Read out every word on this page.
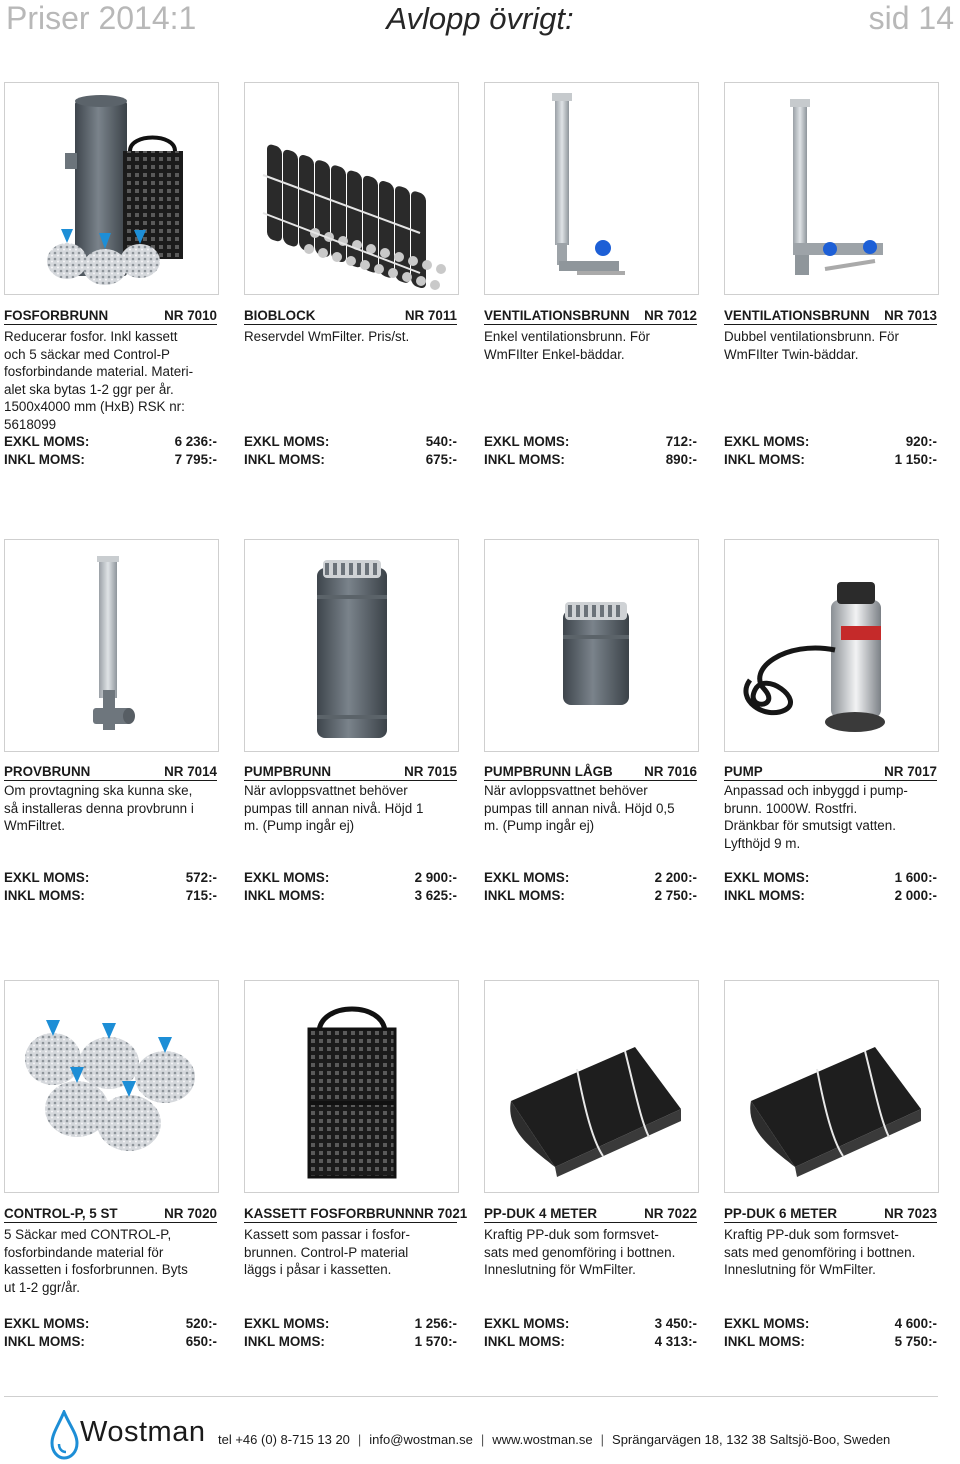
Priser 2014:1	Avlopp övrigt:	sid 14
FOSFORBRUNN	NR 7010
Reducerar fosfor. Inkl kassett
och 5 säckar med Control-P
fosforbindande material. Materi-
alet ska bytas 1-2 ggr per år.
1500x4000 mm (HxB) RSK nr:
5618099
EXKL MOMS:	6 236:-
INKL MOMS:	7 795:-
BIOBLOCK	NR 7011
Reservdel WmFilter. Pris/st.
EXKL MOMS:	540:-
INKL MOMS:	675:-
VENTILATIONSBRUNN NR 7012
Enkel ventilationsbrunn. För
WmFIlter Enkel-bäddar.
EXKL MOMS:	712:-
INKL MOMS:	890:-
VENTILATIONSBRUNN NR 7013
Dubbel ventilationsbrunn. För
WmFIlter Twin-bäddar.
EXKL MOMS:	920:-
INKL MOMS:	1 150:-
PROVBRUNN	NR 7014
Om provtagning ska kunna ske,
så installeras denna provbrunn i
WmFiltret.
EXKL MOMS:	572:-
INKL MOMS:	715:-
PUMPBRUNN	NR 7015
När avloppsvattnet behöver
pumpas till annan nivå. Höjd 1
m. (Pump ingår ej)
EXKL MOMS:	2 900:-
INKL MOMS:	3 625:-
PUMPBRUNN LÅGB NR 7016
När avloppsvattnet behöver
pumpas till annan nivå. Höjd 0,5
m. (Pump ingår ej)
EXKL MOMS:	2 200:-
INKL MOMS:	2 750:-
PUMP	NR 7017
Anpassad och inbyggd i pump-
brunn. 1000W. Rostfri.
Dränkbar för smutsigt vatten.
Lyfthöjd 9 m.
EXKL MOMS:	1 600:-
INKL MOMS:	2 000:-
CONTROL-P, 5 ST	NR 7020
5 Säckar med CONTROL-P,
fosforbindande material för
kassetten i fosforbrunnen. Byts
ut 1-2 ggr/år.
EXKL MOMS:	520:-
INKL MOMS:	650:-
KASSETT FOSFORBRUNN NR 7021
Kassett som passar i fosfor-
brunnen. Control-P material
läggs i påsar i kassetten.
EXKL MOMS:	1 256:-
INKL MOMS:	1 570:-
PP-DUK 4 METER	NR 7022
Kraftig PP-duk som formsvet-
sats med genomföring i bottnen.
Inneslutning för WmFilter.
EXKL MOMS:	3 450:-
INKL MOMS:	4 313:-
PP-DUK 6 METER	NR 7023
Kraftig PP-duk som formsvet-
sats med genomföring i bottnen.
Inneslutning för WmFilter.
EXKL MOMS:	4 600:-
INKL MOMS:	5 750:-
Wostman tel +46 (0) 8-715 13 20 | info@wostman.se | www.wostman.se | Sprängarvägen 18, 132 38 Saltsjö-Boo, Sweden
